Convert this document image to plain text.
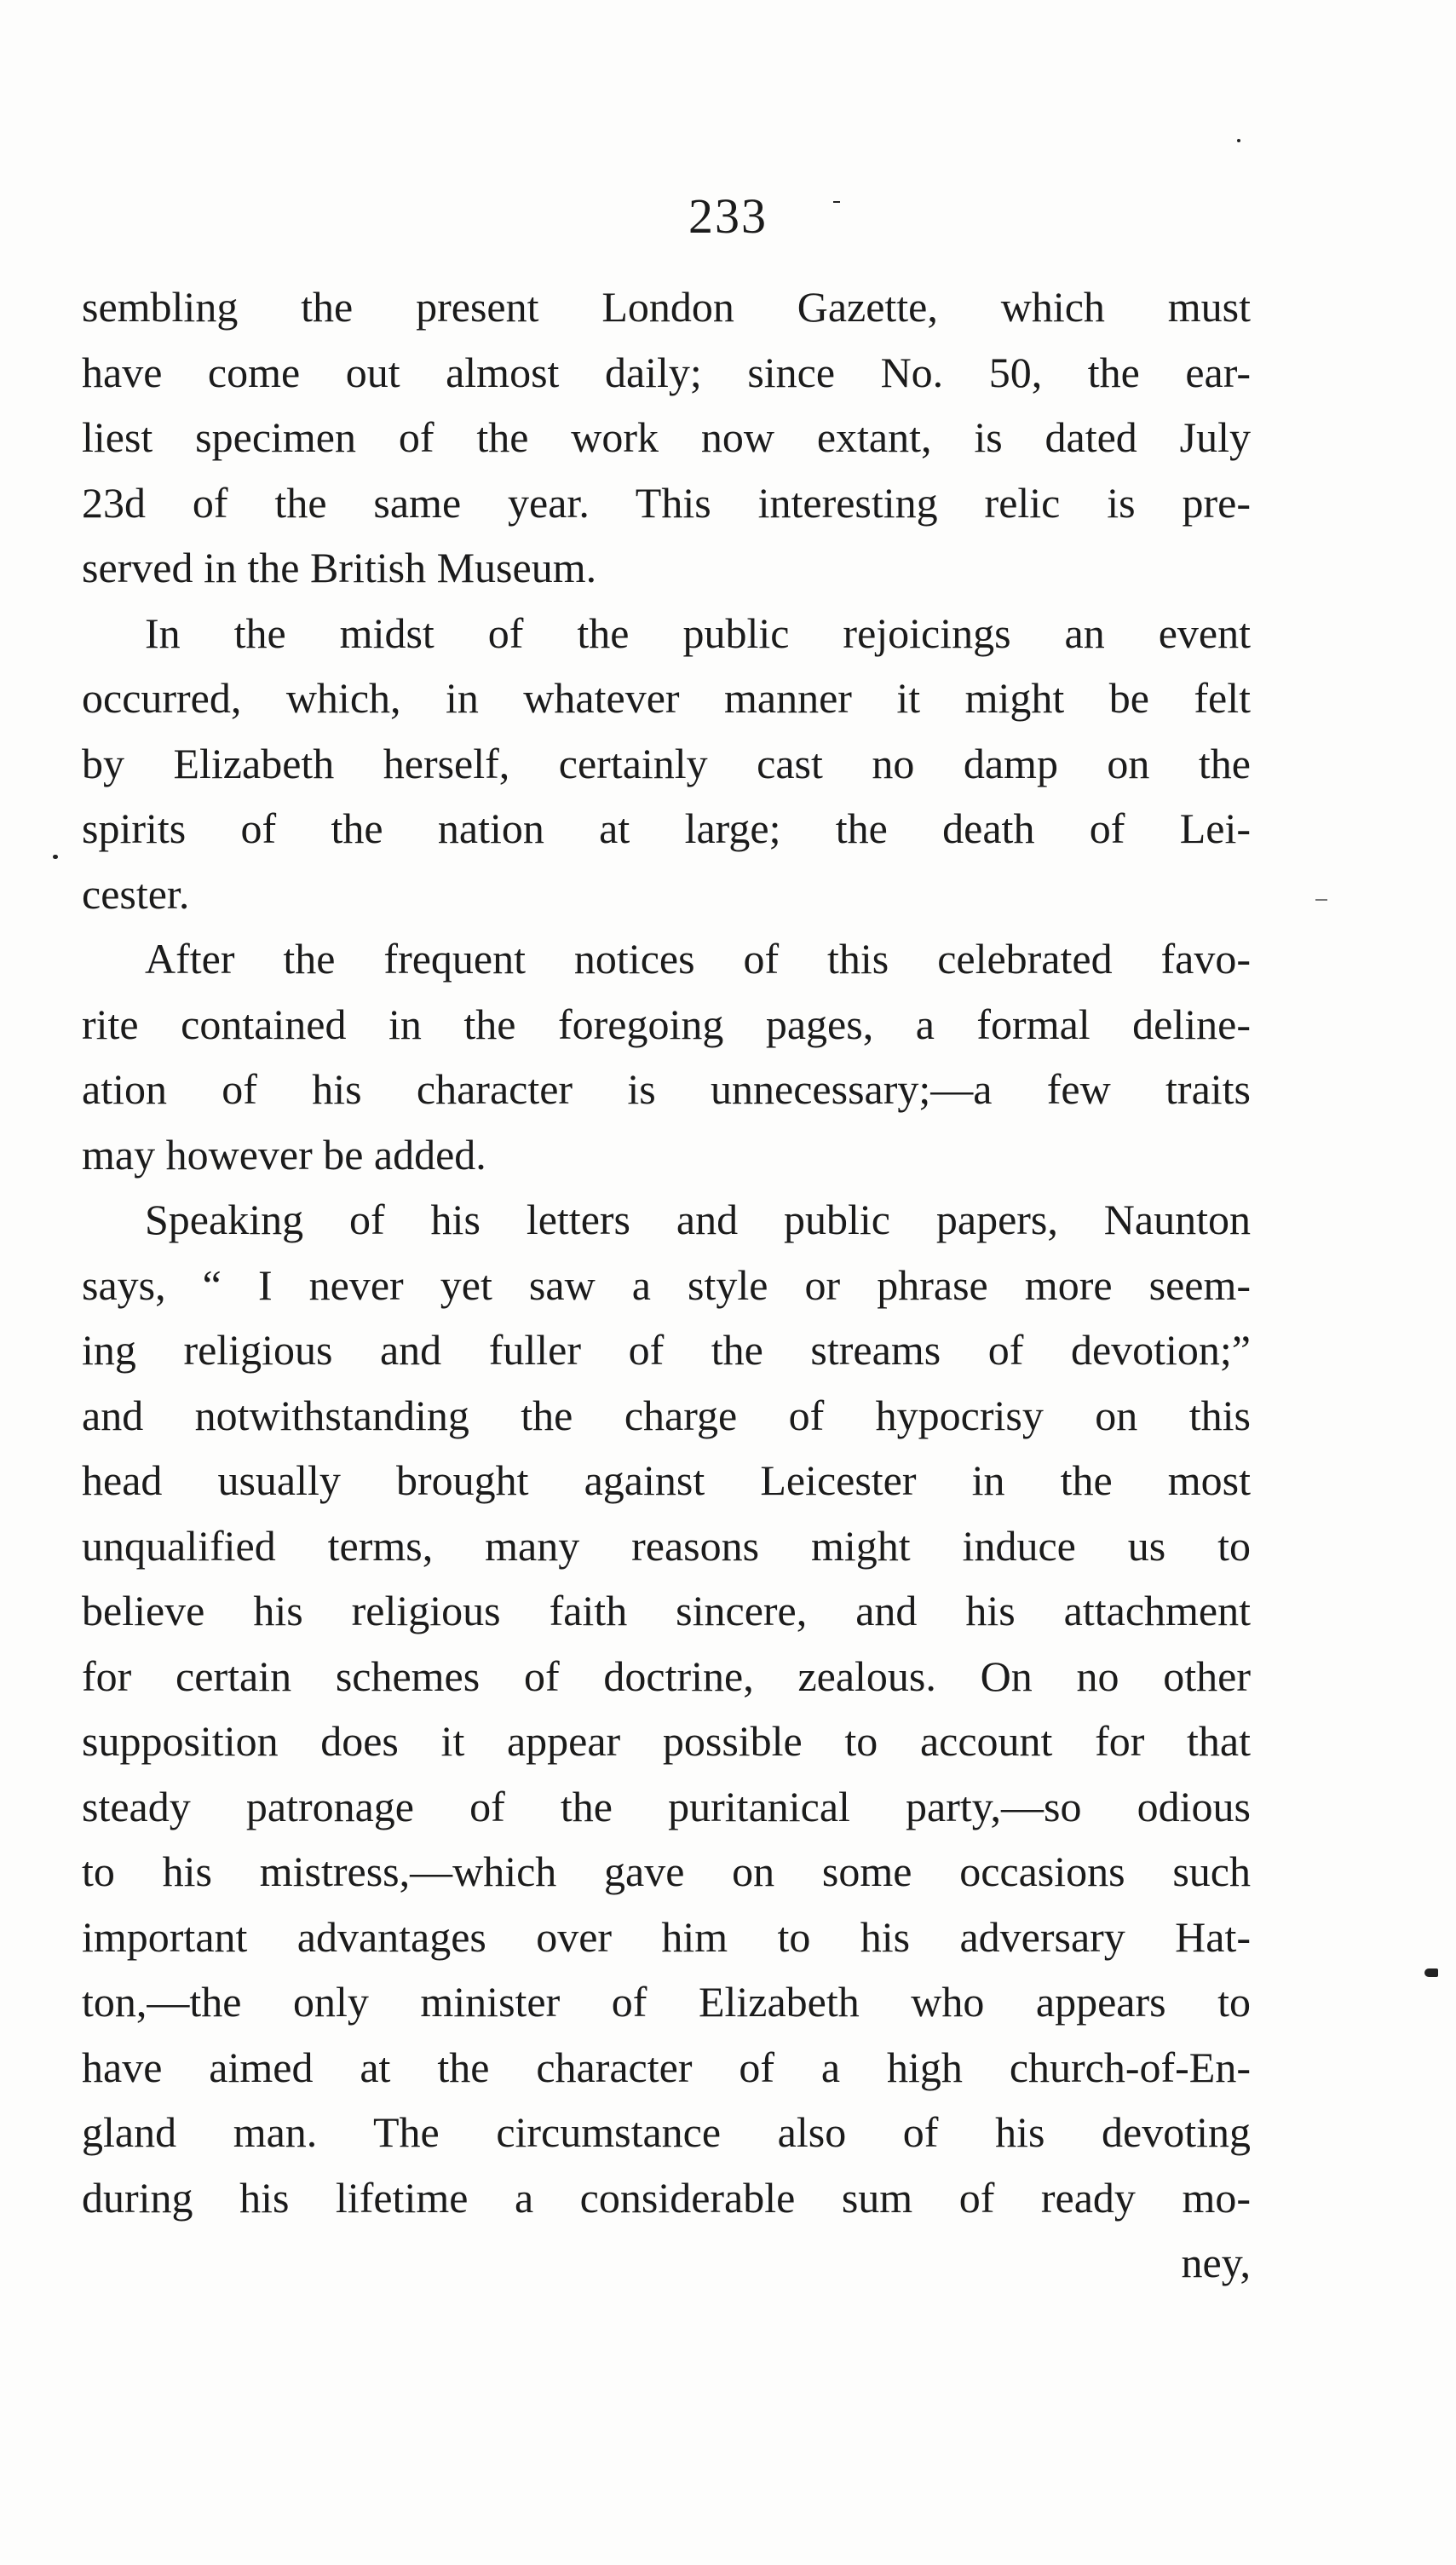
233
sembling the present London Gazette, which must
have come out almost daily; since No. 50, the ear-
liest specimen of the work now extant, is dated July
23d of the same year. This interesting relic is pre-
served in the British Museum.
In the midst of the public rejoicings an event
occurred, which, in whatever manner it might be felt
by Elizabeth herself, certainly cast no damp on the
spirits of the nation at large; the death of Lei-
cester.
After the frequent notices of this celebrated favo-
rite contained in the foregoing pages, a formal deline-
ation of his character is unnecessary;—a few traits
may however be added.
Speaking of his letters and public papers, Naunton
says, “ I never yet saw a style or phrase more seem-
ing religious and fuller of the streams of devotion;”
and notwithstanding the charge of hypocrisy on this
head usually brought against Leicester in the most
unqualified terms, many reasons might induce us to
believe his religious faith sincere, and his attachment
for certain schemes of doctrine, zealous. On no other
supposition does it appear possible to account for that
steady patronage of the puritanical party,—so odious
to his mistress,—which gave on some occasions such
important advantages over him to his adversary Hat-
ton,—the only minister of Elizabeth who appears to
have aimed at the character of a high church-of-En-
gland man. The circumstance also of his devoting
during his lifetime a considerable sum of ready mo-
ney,
